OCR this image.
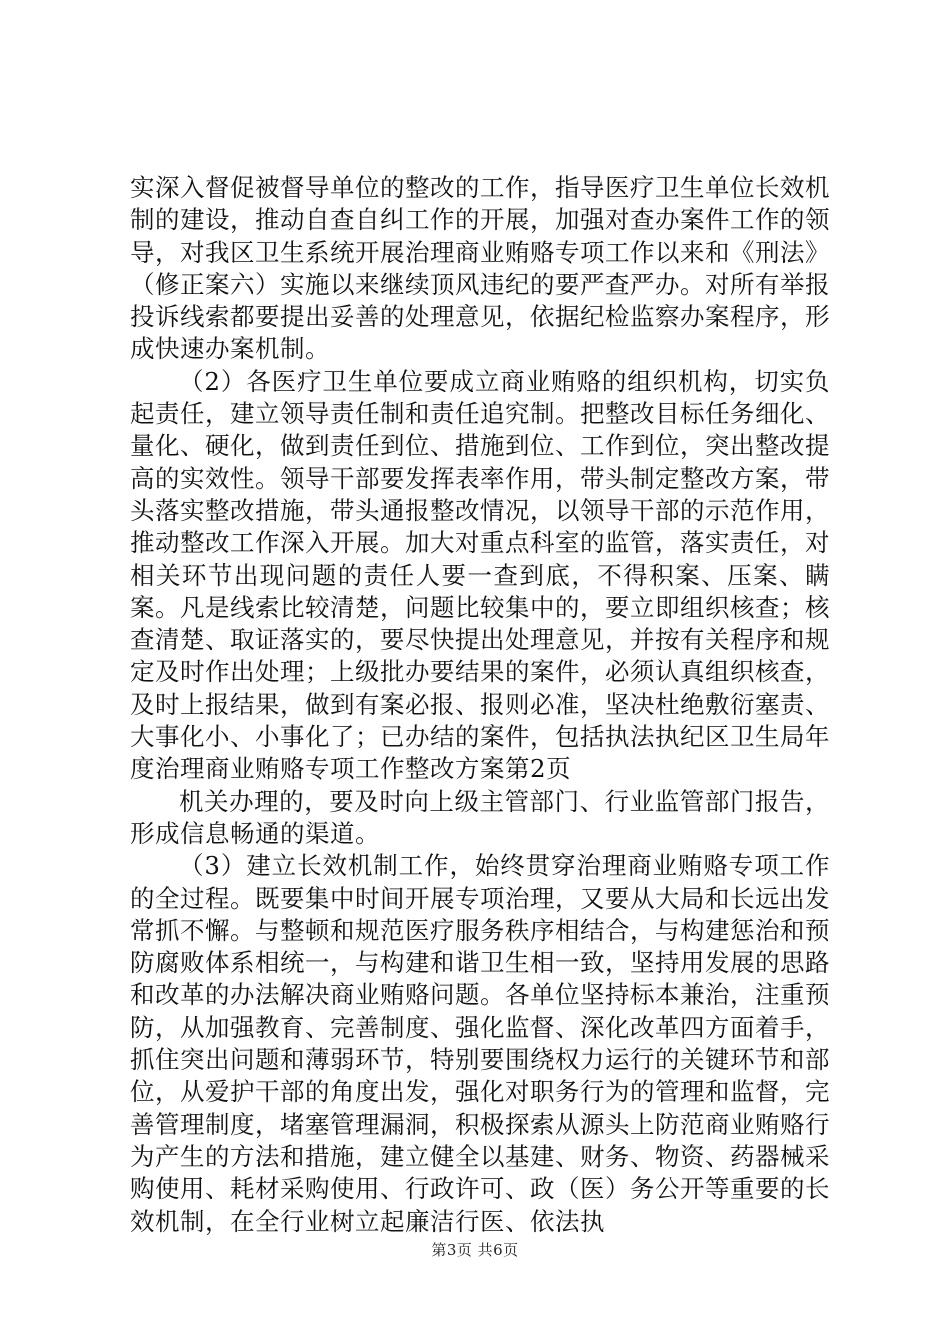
实深入督促被督导单位的整改的工作，指导医疗卫生单位长效机制的建设，推动自查自纠工作的开展，加强对查办案件工作的领导，对我区卫生系统开展治理商业贿赂专项工作以来和《刑法》（修正案六）实施以来继续顶风违纪的要严查严办。对所有举报投诉线索都要提出妥善的处理意见，依据纪检监察办案程序，形成快速办案机制。

（2）各医疗卫生单位要成立商业贿赂的组织机构，切实负起责任，建立领导责任制和责任追究制。把整改目标任务细化、量化、硬化，做到责任到位、措施到位、工作到位，突出整改提高的实效性。领导干部要发挥表率作用，带头制定整改方案，带头落实整改措施，带头通报整改情况，以领导干部的示范作用，推动整改工作深入开展。加大对重点科室的监管，落实责任，对相关环节出现问题的责任人要一查到底，不得积案、压案、瞒案。凡是线索比较清楚，问题比较集中的，要立即组织核查；核查清楚、取证落实的，要尽快提出处理意见，并按有关程序和规定及时作出处理；上级批办要结果的案件，必须认真组织核查，及时上报结果，做到有案必报、报则必准，坚决杜绝敷衍塞责、大事化小、小事化了；已办结的案件，包括执法执纪区卫生局年度治理商业贿赂专项工作整改方案第2页

机关办理的，要及时向上级主管部门、行业监管部门报告，形成信息畅通的渠道。

（3）建立长效机制工作，始终贯穿治理商业贿赂专项工作的全过程。既要集中时间开展专项治理，又要从大局和长远出发常抓不懈。与整顿和规范医疗服务秩序相结合，与构建惩治和预防腐败体系相统一，与构建和谐卫生相一致，坚持用发展的思路和改革的办法解决商业贿赂问题。各单位坚持标本兼治，注重预防，从加强教育、完善制度、强化监督、深化改革四方面着手，抓住突出问题和薄弱环节，特别要围绕权力运行的关键环节和部位，从爱护干部的角度出发，强化对职务行为的管理和监督，完善管理制度，堵塞管理漏洞，积极探索从源头上防范商业贿赂行为产生的方法和措施，建立健全以基建、财务、物资、药器械采购使用、耗材采购使用、行政许可、政（医）务公开等重要的长效机制，在全行业树立起廉洁行医、依法执

第3页 共6页
